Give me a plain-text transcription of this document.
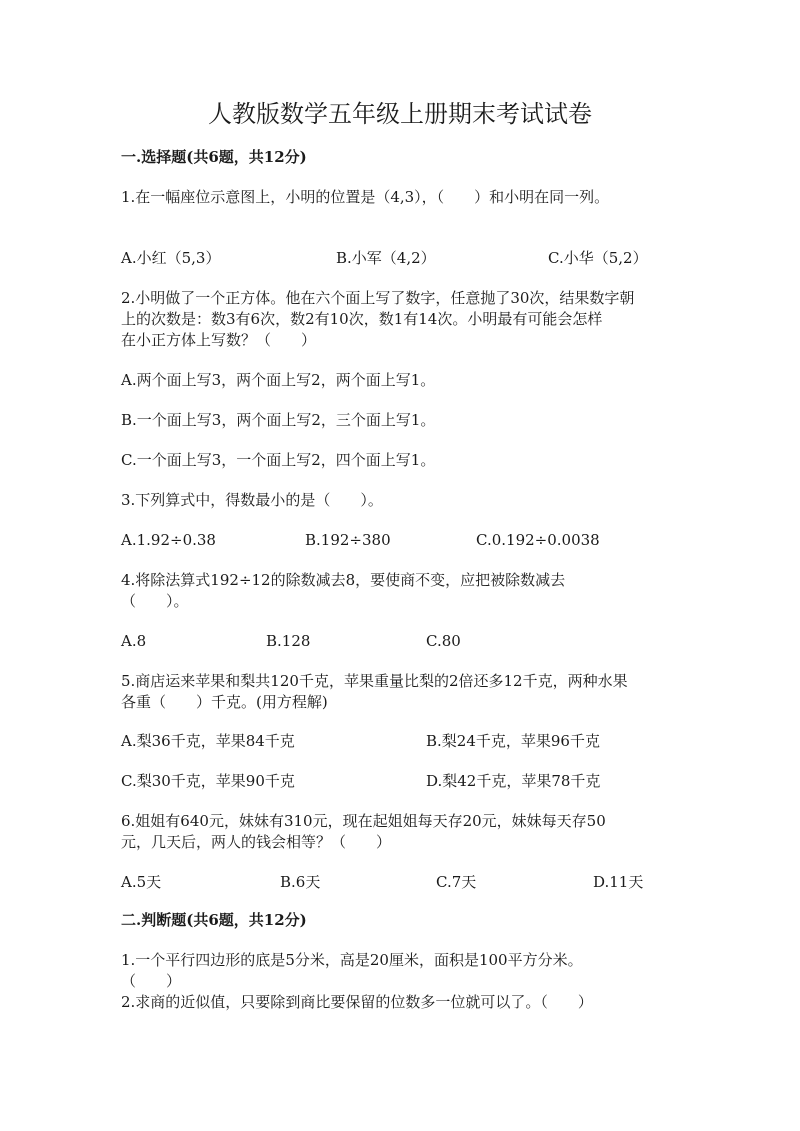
人教版数学五年级上册期末考试试卷
一.选择题(共6题，共12分)
1.在一幅座位示意图上，小明的位置是（4,3），（　　）和小明在同一列。
A.小红（5,3）	B.小军（4,2）	C.小华（5,2）
2.小明做了一个正方体。他在六个面上写了数字，任意抛了30次，结果数字朝
上的次数是：数3有6次，数2有10次，数1有14次。小明最有可能会怎样
在小正方体上写数？（　　）
A.两个面上写3，两个面上写2，两个面上写1。
B.一个面上写3，两个面上写2，三个面上写1。
C.一个面上写3，一个面上写2，四个面上写1。
3.下列算式中，得数最小的是（　　）。
A.1.92÷0.38	B.192÷380	C.0.192÷0.0038
4.将除法算式192÷12的除数减去8，要使商不变，应把被除数减去
（　　）。
A.8	B.128	C.80
5.商店运来苹果和梨共120千克，苹果重量比梨的2倍还多12千克，两种水果
各重（　　）千克。(用方程解)
A.梨36千克，苹果84千克	B.梨24千克，苹果96千克
C.梨30千克，苹果90千克	D.梨42千克，苹果78千克
6.姐姐有640元，妹妹有310元，现在起姐姐每天存20元，妹妹每天存50
元，几天后，两人的钱会相等？（　　）
A.5天	B.6天	C.7天	D.11天
二.判断题(共6题，共12分)
1.一个平行四边形的底是5分米，高是20厘米，面积是100平方分米。
（　　）
2.求商的近似值，只要除到商比要保留的位数多一位就可以了。（　　）
